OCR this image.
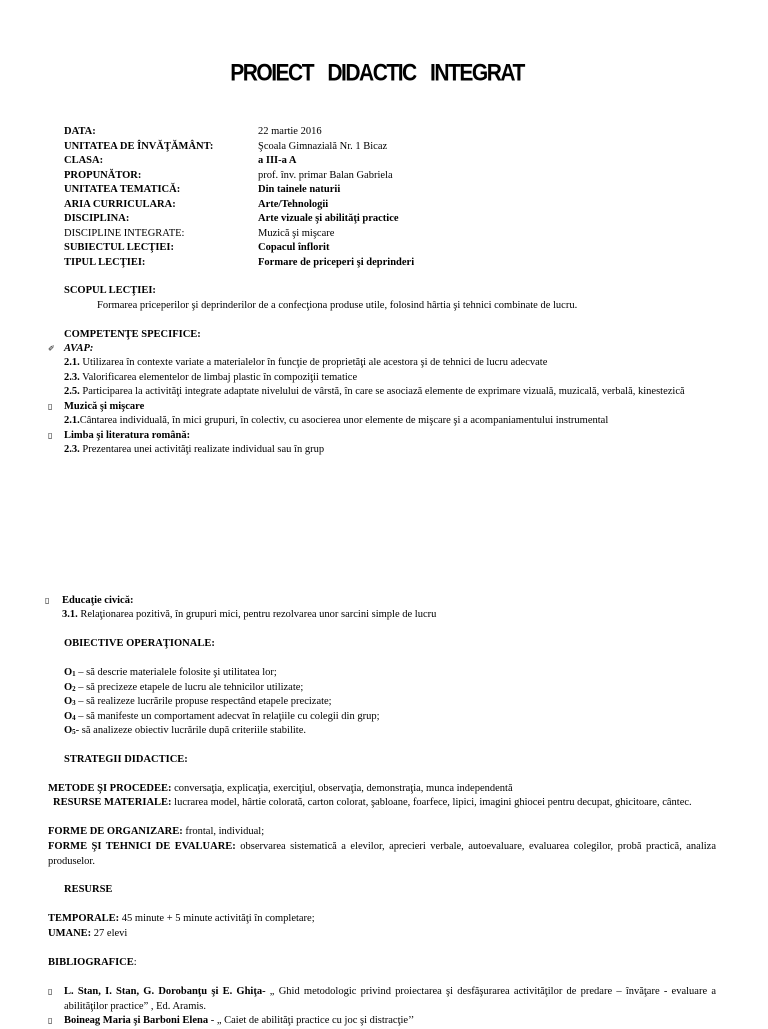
PROIECT DIDACTIC INTEGRAT
DATA:	22 martie 2016
UNITATEA DE ÎNVĂŢĂMÂNT:	Şcoala Gimnazială Nr. 1 Bicaz
CLASA:	a III-a A
PROPUNĂTOR:	prof. înv. primar Balan Gabriela
UNITATEA TEMATICĂ:	Din tainele naturii
ARIA CURRICULARA:	Arte/Tehnologii
DISCIPLINA:	Arte vizuale şi abilităţi practice
DISCIPLINE INTEGRATE:	Muzică şi mişcare
SUBIECTUL LECŢIEI:	Copacul înflorit
TIPUL LECŢIEI:	Formare de priceperi şi deprinderi
SCOPUL LECŢIEI:
Formarea priceperilor şi deprinderilor de a confecţiona produse utile, folosind hârtia şi tehnici combinate de lucru.
COMPETENŢE SPECIFICE:
✐ AVAP:
2.1. Utilizarea în contexte variate a materialelor în funcţie de proprietăţi ale acestora şi de tehnici de lucru adecvate
2.3. Valorificarea elementelor de limbaj plastic în compoziţii tematice
2.5. Participarea la activităţi integrate adaptate nivelului de vârstă, în care se asociază elemente de exprimare vizuală, muzicală, verbală, kinestezică
▯ Muzică şi mişcare
2.1.Cântarea individuală, în mici grupuri, în colectiv, cu asocierea unor elemente de mişcare şi a acompaniamentului instrumental
▯ Limba şi literatura română:
2.3. Prezentarea unei activităţi realizate individual sau în grup
▯ Educaţie civică:
3.1. Relaţionarea pozitivă, în grupuri mici, pentru rezolvarea unor sarcini simple de lucru
OBIECTIVE OPERAŢIONALE:
$O_1$ – să descrie materialele folosite şi utilitatea lor;
$O_2$ – să precizeze etapele de lucru ale tehnicilor utilizate;
$O_3$ – să realizeze lucrările propuse respectând etapele precizate;
$O_4$ – să manifeste un comportament adecvat în relaţiile cu colegii din grup;
$O_5-$ să analizeze obiectiv lucrările după criteriile stabilite.
STRATEGII DIDACTICE:
METODE ŞI PROCEDEE: conversaţia, explicaţia, exerciţiul, observaţia, demonstraţia, munca independentă
RESURSE MATERIALE: lucrarea model, hârtie colorată, carton colorat, şabloane, foarfece, lipici, imagini ghiocei pentru decupat, ghicitoare, cântec.
FORME DE ORGANIZARE: frontal, individual;
FORME ŞI TEHNICI DE EVALUARE: observarea sistematică a elevilor, aprecieri verbale, autoevaluare, evaluarea colegilor, probă practică, analiza produselor.
RESURSE
TEMPORALE: 45 minute + 5 minute activităţi în completare;
UMANE: 27 elevi
BIBLIOGRAFICE:
▯ L. Stan, I. Stan, G. Dorobanţu şi E. Ghiţa- „ Ghid metodologic privind proiectarea şi desfăşurarea activităţilor de predare – învăţare - evaluare a abilităţilor practice” , Ed. Aramis.
▯ Boineag Maria şi Barboni Elena - „ Caiet de abilităţi practice cu joc şi distracţie’’
